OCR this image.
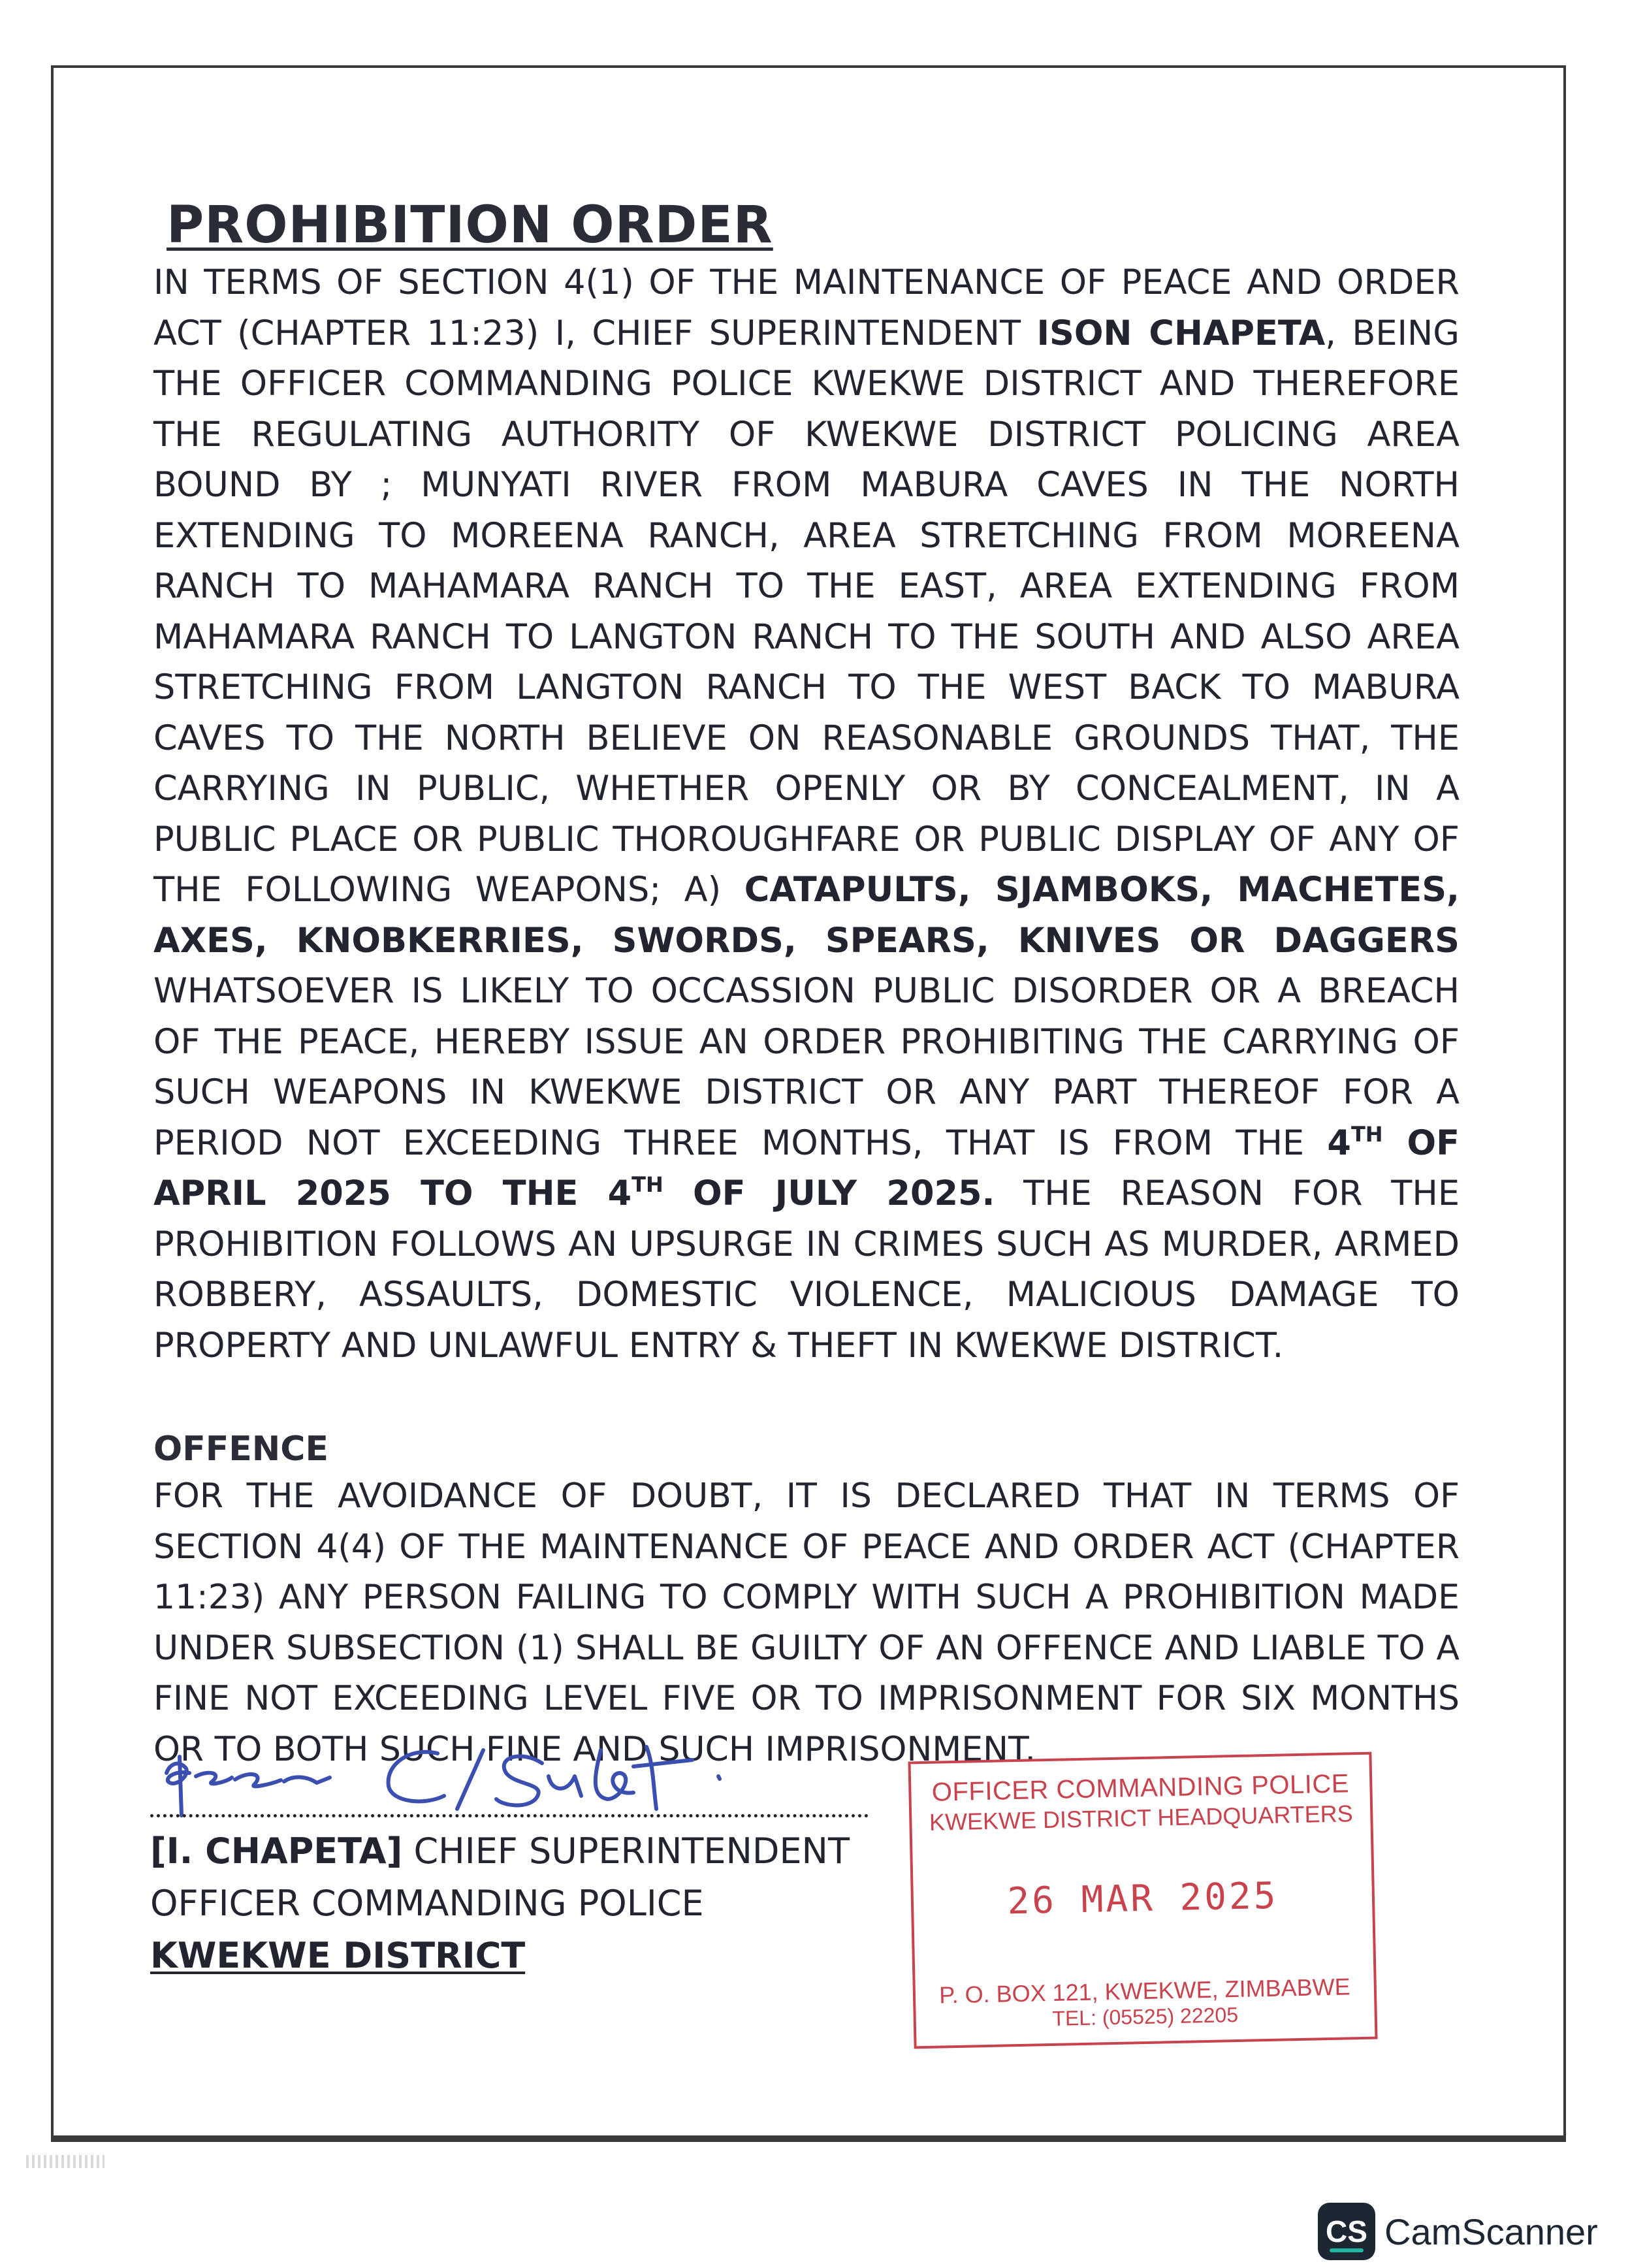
PROHIBITION ORDER

IN TERMS OF SECTION 4(1) OF THE MAINTENANCE OF PEACE AND ORDER ACT (CHAPTER 11:23) I, CHIEF SUPERINTENDENT ISON CHAPETA, BEING THE OFFICER COMMANDING POLICE KWEKWE DISTRICT AND THEREFORE THE REGULATING AUTHORITY OF KWEKWE DISTRICT POLICING AREA BOUND BY ; MUNYATI RIVER FROM MABURA CAVES IN THE NORTH EXTENDING TO MOREENA RANCH, AREA STRETCHING FROM MOREENA RANCH TO MAHAMARA RANCH TO THE EAST, AREA EXTENDING FROM MAHAMARA RANCH TO LANGTON RANCH TO THE SOUTH AND ALSO AREA STRETCHING FROM LANGTON RANCH TO THE WEST BACK TO MABURA CAVES TO THE NORTH BELIEVE ON REASONABLE GROUNDS THAT, THE CARRYING IN PUBLIC, WHETHER OPENLY OR BY CONCEALMENT, IN A PUBLIC PLACE OR PUBLIC THOROUGHFARE OR PUBLIC DISPLAY OF ANY OF THE FOLLOWING WEAPONS; A) CATAPULTS, SJAMBOKS, MACHETES, AXES, KNOBKERRIES, SWORDS, SPEARS, KNIVES OR DAGGERS WHATSOEVER IS LIKELY TO OCCASSION PUBLIC DISORDER OR A BREACH OF THE PEACE, HEREBY ISSUE AN ORDER PROHIBITING THE CARRYING OF SUCH WEAPONS IN KWEKWE DISTRICT OR ANY PART THEREOF FOR A PERIOD NOT EXCEEDING THREE MONTHS, THAT IS FROM THE 4TH OF APRIL 2025 TO THE 4TH OF JULY 2025. THE REASON FOR THE PROHIBITION FOLLOWS AN UPSURGE IN CRIMES SUCH AS MURDER, ARMED ROBBERY, ASSAULTS, DOMESTIC VIOLENCE, MALICIOUS DAMAGE TO PROPERTY AND UNLAWFUL ENTRY & THEFT IN KWEKWE DISTRICT.

OFFENCE

FOR THE AVOIDANCE OF DOUBT, IT IS DECLARED THAT IN TERMS OF SECTION 4(4) OF THE MAINTENANCE OF PEACE AND ORDER ACT (CHAPTER 11:23) ANY PERSON FAILING TO COMPLY WITH SUCH A PROHIBITION MADE UNDER SUBSECTION (1) SHALL BE GUILTY OF AN OFFENCE AND LIABLE TO A FINE NOT EXCEEDING LEVEL FIVE OR TO IMPRISONMENT FOR SIX MONTHS OR TO BOTH SUCH FINE AND SUCH IMPRISONMENT.

[I. CHAPETA] CHIEF SUPERINTENDENT
OFFICER COMMANDING POLICE
KWEKWE DISTRICT
OFFICER COMMANDING POLICE
KWEKWE DISTRICT HEADQUARTERS
26 MAR 2025
P. O. BOX 121, KWEKWE, ZIMBABWE
TEL: (05525) 22205
CS CamScanner
